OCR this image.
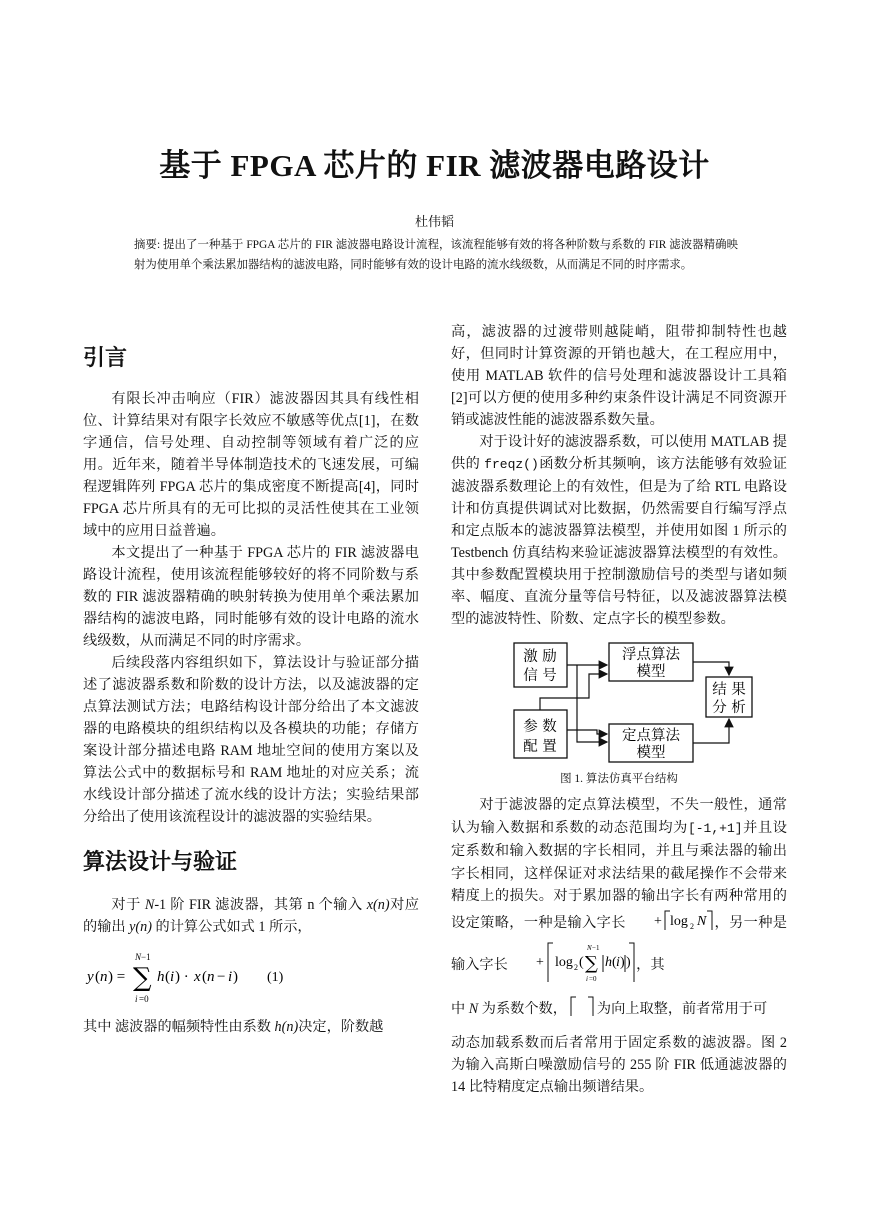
基于 FPGA 芯片的 FIR 滤波器电路设计
杜伟韬
摘要: 提出了一种基于 FPGA 芯片的 FIR 滤波器电路设计流程，该流程能够有效的将各种阶数与系数的 FIR 滤波器精确映射为使用单个乘法累加器结构的滤波电路，同时能够有效的设计电路的流水线级数，从而满足不同的时序需求。
引言

有限长冲击响应（FIR）滤波器因其具有线性相位、计算结果对有限字长效应不敏感等优点[1]，在数字通信，信号处理、自动控制等领域有着广泛的应用。近年来，随着半导体制造技术的飞速发展，可编程逻辑阵列 FPGA 芯片的集成密度不断提高[4]，同时 FPGA 芯片所具有的无可比拟的灵活性使其在工业领域中的应用日益普遍。

本文提出了一种基于 FPGA 芯片的 FIR 滤波器电路设计流程，使用该流程能够较好的将不同阶数与系数的 FIR 滤波器精确的映射转换为使用单个乘法累加器结构的滤波电路，同时能够有效的设计电路的流水线级数，从而满足不同的时序需求。

后续段落内容组织如下，算法设计与验证部分描述了滤波器系数和阶数的设计方法，以及滤波器的定点算法测试方法；电路结构设计部分给出了本文滤波器的电路模块的组织结构以及各模块的功能；存储方案设计部分描述电路 RAM 地址空间的使用方案以及算法公式中的数据标号和 RAM 地址的对应关系；流水线设计部分描述了流水线的设计方法；实验结果部分给出了使用该流程设计的滤波器的实验结果。

算法设计与验证

对于 N-1 阶 FIR 滤波器，其第 n 个输入 x(n)对应的输出 y(n) 的计算公式如式 1 所示，

y ( n ) =
N −1
∑
i =0
h ( i ) · x ( n − i ) (1)

其中 滤波器的幅频特性由系数 h(n)决定，阶数越

高，滤波器的过渡带则越陡峭，阻带抑制特性也越好，但同时计算资源的开销也越大，在工程应用中，使用 MATLAB 软件的信号处理和滤波器设计工具箱[2]可以方便的使用多种约束条件设计满足不同资源开销或滤波性能的滤波器系数矢量。

对于设计好的滤波器系数，可以使用 MATLAB 提供的 freqz()函数分析其频响，该方法能够有效验证滤波器系数理论上的有效性，但是为了给 RTL 电路设计和仿真提供调试对比数据，仍然需要自行编写浮点和定点版本的滤波器算法模型，并使用如图 1 所示的 Testbench 仿真结构来验证滤波器算法模型的有效性。其中参数配置模块用于控制激励信号的类型与诸如频率、幅度、直流分量等信号特征，以及滤波器算法模型的滤波特性、阶数、定点字长的模型参数。

激 励
信 号
浮点算法
模型
结 果
分 析
参 数
配 置
定点算法
模型
图 1. 算法仿真平台结构

对于滤波器的定点算法模型，不失一般性，通常认为输入数据和系数的动态范围均为[-1,+1]并且设定系数和输入数据的字长相同，并且与乘法器的输出字长相同，这样保证对求法结果的截尾操作不会带来精度上的损失。对于累加器的输出字长有两种常用的设定策略，一种是输入字长 + log 2 N ，另一种是输入字长 + log 2 ( ∑
N −1
i =0
h ( i ) ) ，其

中 N 为系数个数， 为向上取整，前者常用于可

动态加载系数而后者常用于固定系数的滤波器。图 2 为输入高斯白噪激励信号的 255 阶 FIR 低通滤波器的 14 比特精度定点输出频谱结果。
